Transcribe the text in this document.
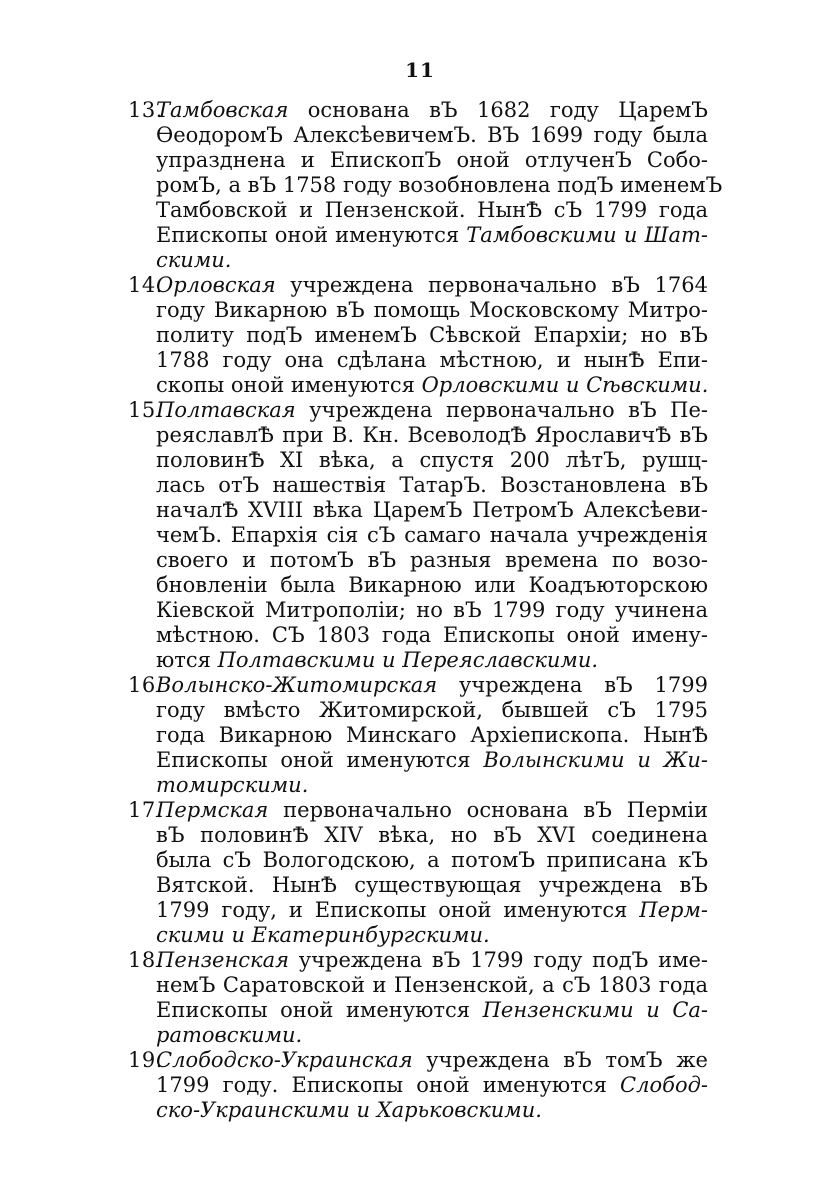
11
13.
Тамбовская основана вЪ 1682 году ЦаремЪ
ѲеодоромЪ АлексѣевичемЪ. ВЪ 1699 году была
упразднена и ЕпископЪ оной отлученЪ Собо-
ромЪ, а вЪ 1758 году возобновлена подЪ именемЪ
Тамбовской и Пензенской. НынѢ сЪ 1799 года
Епископы оной именуются Тамбовскими и Шат-
скими.
14.
Орловская учреждена первоначально вЪ 1764
году Викарною вЪ помощь Московскому Митро-
политу подЪ именемЪ Сѣвской Епархіи; но вЪ
1788 году она сдѣлана мѣстною, и нынѢ Епи-
скопы оной именуются Орловскими и Сѣвскими.
15.
Полтавская учреждена первоначально вЪ Пе-
реяславлѢ при В. Кн. ВсеволодѢ ЯрославичѢ вЪ
половинѢ XI вѣка, а спустя 200 лѣтЪ, рушц-
лась отЪ нашествія ТатарЪ. Возстановлена вЪ
началѢ XVIII вѣка ЦаремЪ ПетромЪ Алексѣеви-
чемЪ. Епархія сія сЪ самаго начала учрежденія
своего и потомЪ вЪ разныя времена по возо-
бновленіи была Викарною или Коадъюторскою
Кіевской Митрополіи; но вЪ 1799 году учинена
мѣстною. СЪ 1803 года Епископы оной имену-
ются Полтавскими и Переяславскими.
16.
Волынско-Житомирская учреждена вЪ 1799
году вмѣсто Житомирской, бывшей сЪ 1795
года Викарною Минскаго Архіепископа. НынѢ
Епископы оной именуются Волынскими и Жи-
томирскими.
17.
Пермская первоначально основана вЪ Перміи
вЪ половинѢ XIV вѣка, но вЪ XVI соединена
была сЪ Вологодскою, а потомЪ приписана кЪ
Вятской. НынѢ существующая учреждена вЪ
1799 году, и Епископы оной именуются Перм-
скими и Екатеринбургскими.
18.
Пензенская учреждена вЪ 1799 году подЪ име-
немЪ Саратовской и Пензенской, а сЪ 1803 года
Епископы оной именуются Пензенскими и Са-
ратовскими.
19.
Слободско-Украинская учреждена вЪ томЪ же
1799 году. Епископы оной именуются Слобод-
ско-Украинскими и Харьковскими.
